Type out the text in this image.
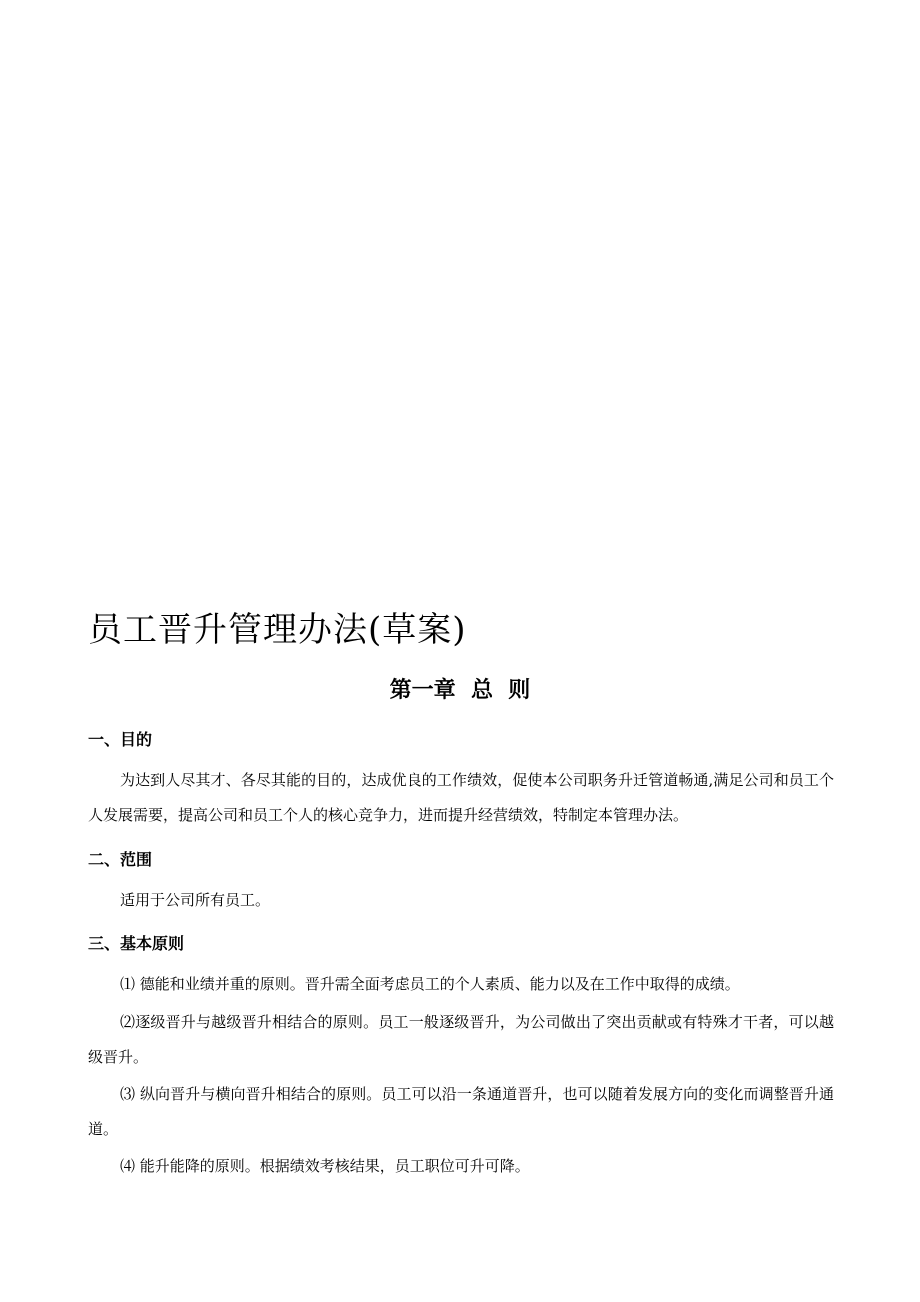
员工晋升管理办法(草案)
第一章  总  则
一、目的
为达到人尽其才、各尽其能的目的，达成优良的工作绩效，促使本公司职务升迁管道畅通,满足公司和员工个人发展需要，提高公司和员工个人的核心竞争力，进而提升经营绩效，特制定本管理办法。
二、范围
适用于公司所有员工。
三、基本原则
⑴ 德能和业绩并重的原则。晋升需全面考虑员工的个人素质、能力以及在工作中取得的成绩。
⑵逐级晋升与越级晋升相结合的原则。员工一般逐级晋升，为公司做出了突出贡献或有特殊才干者，可以越级晋升。
⑶ 纵向晋升与横向晋升相结合的原则。员工可以沿一条通道晋升，也可以随着发展方向的变化而调整晋升通道。
⑷ 能升能降的原则。根据绩效考核结果，员工职位可升可降。
